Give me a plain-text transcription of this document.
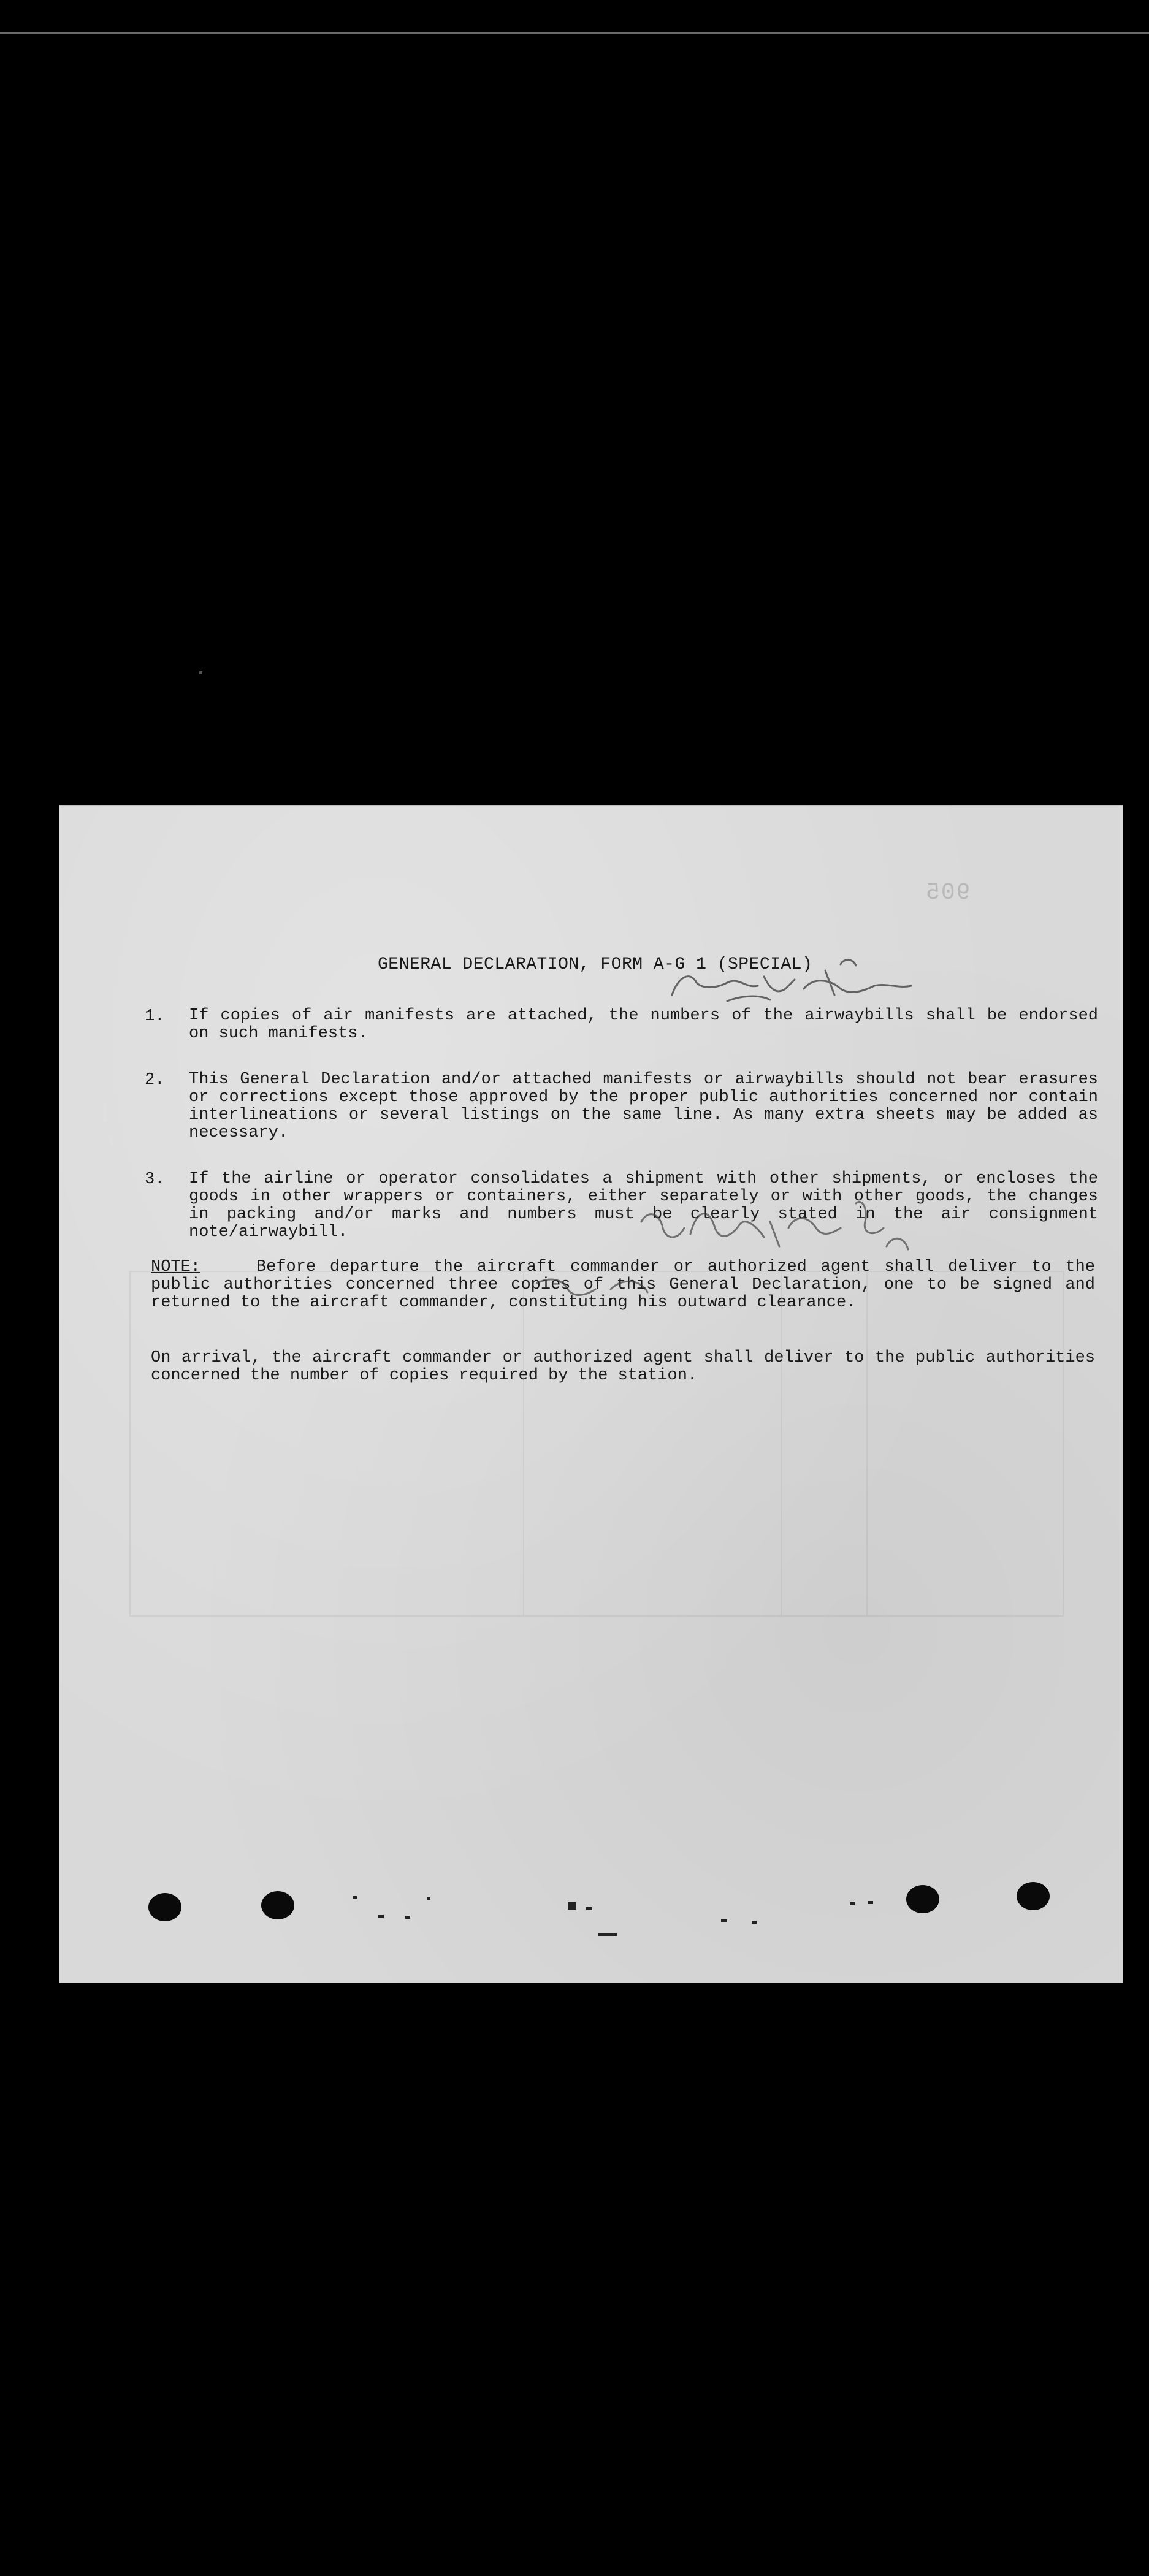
905
GENERAL DECLARATION, FORM A-G 1 (SPECIAL)
1.	If copies of air manifests are attached, the numbers of the airwaybills shall be endorsed on such manifests.
2.	This General Declaration and/or attached manifests or airwaybills should not bear erasures or corrections except those approved by the proper public authorities concerned nor contain interlineations or several listings on the same line. As many extra sheets may be added as necessary.
3.	If the airline or operator consolidates a shipment with other shipments, or encloses the goods in other wrappers or containers, either separately or with other goods, the changes in packing and/or marks and numbers must be clearly stated in the air consignment note/airwaybill.
NOTE:	Before departure the aircraft commander or authorized agent shall deliver to the public authorities concerned three copies of this General Declaration, one to be signed and returned to the aircraft commander, constituting his outward clearance.
On arrival, the aircraft commander or authorized agent shall deliver to the public authorities concerned the number of copies required by the station.
